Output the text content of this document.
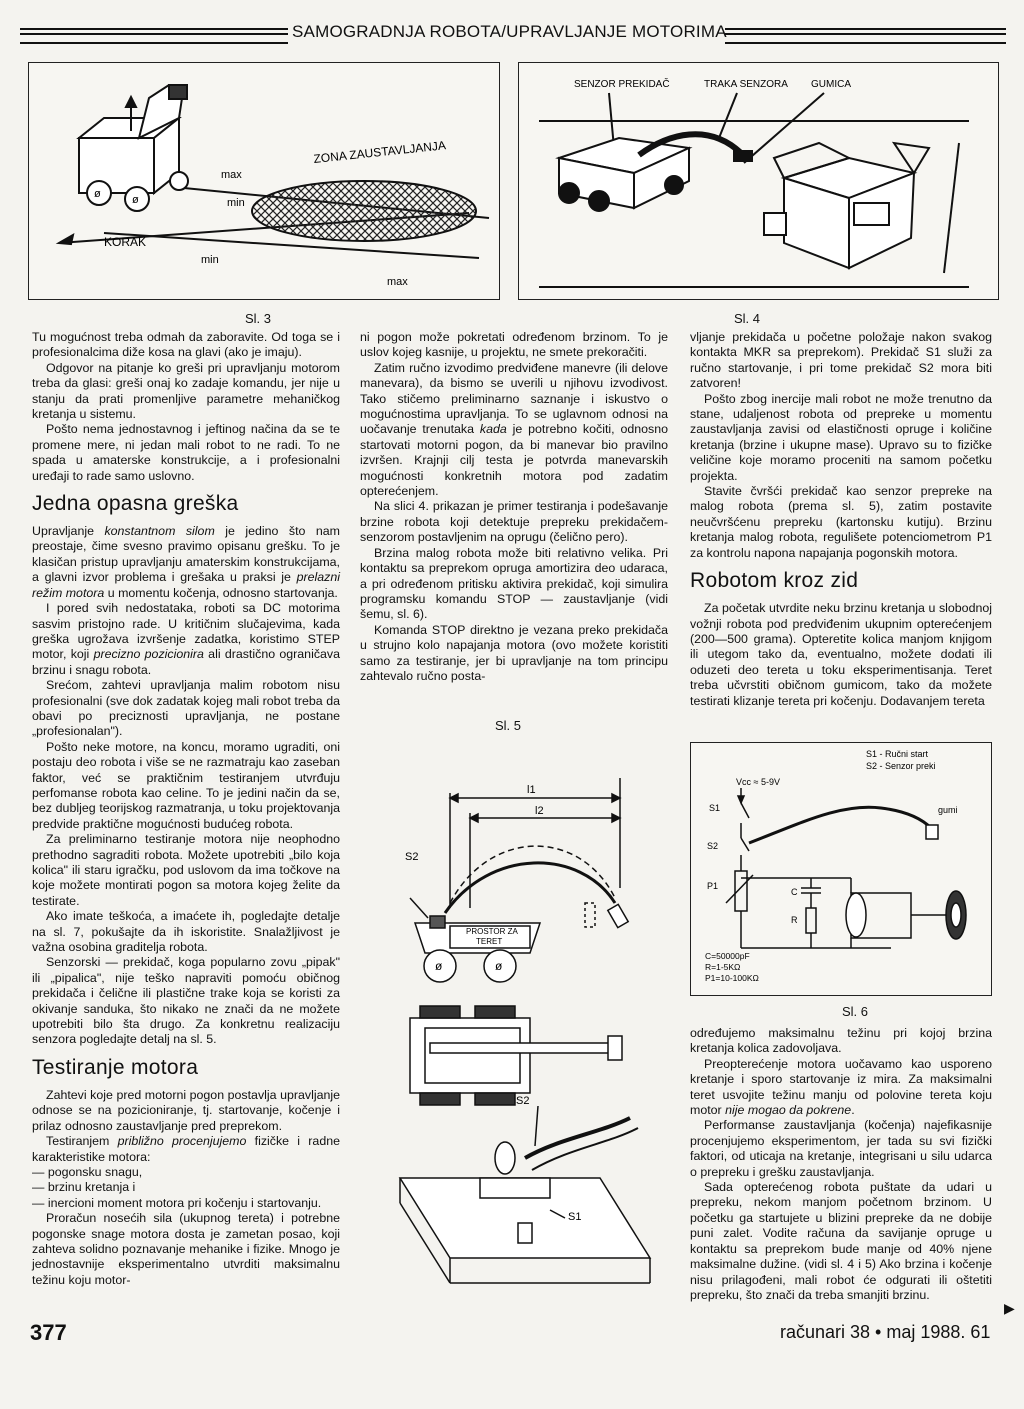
SAMOGRADNJA ROBOTA/UPRAVLJANJE MOTORIMA
ZONA ZAUSTAVLJANJA
max
min
KORAK
min
max
ø	ø
Sl. 3
SENZOR PREKIDAČ	TRAKA SENZORA GUMICA
Sl. 4

Tu mogućnost treba odmah da zaboravite. Od toga se i profesionalcima diže kosa na glavi (ako je imaju).

Odgovor na pitanje ko greši pri upravljanju motorom treba da glasi: greši onaj ko zadaje komandu, jer nije u stanju da prati promenljive parametre mehaničkog kretanja u sistemu.

Pošto nema jednostavnog i jeftinog načina da se te promene mere, ni jedan mali robot to ne radi. To ne spada u amaterske konstrukcije, a i profesionalni uređaji to rade samo uslovno.

Jedna opasna greška

Upravljanje konstantnom silom je jedino što nam preostaje, čime svesno pravimo opisanu grešku. To je klasičan pristup upravljanju amaterskim konstrukcijama, a glavni izvor problema i grešaka u praksi je prelazni režim motora u momentu kočenja, odnosno startovanja.

I pored svih nedostataka, roboti sa DC motorima sasvim pristojno rade. U kritičnim slučajevima, kada greška ugrožava izvršenje zadatka, koristimo STEP motor, koji precizno pozicionira ali drastično ograničava brzinu i snagu robota.

Srećom, zahtevi upravljanja malim robotom nisu profesionalni (sve dok zadatak kojeg mali robot treba da obavi po preciznosti upravljanja, ne postane „profesionalan").

Pošto neke motore, na koncu, moramo ugraditi, oni postaju deo robota i više se ne razmatraju kao zaseban faktor, već se praktičnim testiranjem utvrđuju perfomanse robota kao celine. To je jedini način da se, bez dubljeg teorijskog razmatranja, u toku projektovanja predvide praktične mogućnosti budućeg robota.

Za preliminarno testiranje motora nije neophodno prethodno sagraditi robota. Možete upotrebiti „bilo koja kolica" ili staru igračku, pod uslovom da ima točkove na koje možete montirati pogon sa motora kojeg želite da testirate.

Ako imate teškoća, a imaćete ih, pogledajte detalje na sl. 7, pokušajte da ih iskoristite. Snalažljivost je važna osobina graditelja robota.

Senzorski — prekidač, koga popularno zovu „pipak" ili „pipalica", nije teško napraviti pomoću običnog prekidača i čelične ili plastične trake koja se koristi za okivanje sanduka, što nikako ne znači da ne možete upotrebiti bilo šta drugo. Za konkretnu realizaciju senzora pogledajte detalj na sl. 5.

Testiranje motora

Zahtevi koje pred motorni pogon postavlja upravljanje odnose se na pozicioniranje, tj. startovanje, kočenje i prilaz odnosno zaustavljanje pred preprekom.

Testiranjem približno procenjujemo fizičke i radne karakteristike motora:

— pogonsku snagu,
— brzinu kretanja i
— inercioni moment motora pri kočenju i startovanju.

Proračun nosećih sila (ukupnog tereta) i potrebne pogonske snage motora dosta je zametan posao, koji zahteva solidno poznavanje mehanike i fizike. Mnogo je jednostavnije eksperimentalno utvrditi maksimalnu težinu koju motor-

ni pogon može pokretati određenom brzinom. To je uslov kojeg kasnije, u projektu, ne smete prekoračiti.

Zatim ručno izvodimo predviđene manevre (ili delove manevara), da bismo se uverili u njihovu izvodivost. Tako stičemo preliminarno saznanje i iskustvo o mogućnostima upravljanja. To se uglavnom odnosi na uočavanje trenutaka kada je potrebno kočiti, odnosno startovati motorni pogon, da bi manevar bio pravilno izvršen. Krajnji cilj testa je potvrda manevarskih mogućnosti konkretnih motora pod zadatim opterećenjem.

Na slici 4. prikazan je primer testiranja i podešavanje brzine robota koji detektuje prepreku prekidačem-senzorom postavljenim na oprugu (čelično pero).

Brzina malog robota može biti relativno velika. Pri kontaktu sa preprekom opruga amortizira deo udaraca, a pri određenom pritisku aktivira prekidač, koji simulira programsku komandu STOP — zaustavljanje (vidi šemu, sl. 6).

Komanda STOP direktno je vezana preko prekidača u strujno kolo napajanja motora (ovo možete koristiti samo za testiranje, jer bi upravljanje na tom principu zahtevalo ručno posta-

Sl. 5
l1
l2
S2
PROSTOR ZA
TERET
S2
S1
ø	ø

vljanje prekidača u početne položaje nakon svakog kontakta MKR sa preprekom). Prekidač S1 služi za ručno startovanje, i pri tome prekidač S2 mora biti zatvoren!

Pošto zbog inercije mali robot ne može trenutno da stane, udaljenost robota od prepreke u momentu zaustavljanja zavisi od elastičnosti opruge i količine kretanja (brzine i ukupne mase). Upravo su to fizičke veličine koje moramo proceniti na samom početku projekta.

Stavite čvršći prekidač kao senzor prepreke na malog robota (prema sl. 5), zatim postavite neučvršćenu prepreku (kartonsku kutiju). Brzinu kretanja malog robota, regulišete potenciometrom P1 za kontrolu napona napajanja pogonskih motora.

Robotom kroz zid

Za početak utvrdite neku brzinu kretanja u slobodnoj vožnji robota pod predviđenim ukupnim opterećenjem (200—500 grama). Opteretite kolica manjom knjigom ili utegom tako da, eventualno, možete dodati ili oduzeti deo tereta u toku eksperimentisanja. Teret treba učvrstiti običnom gumicom, tako da možete testirati klizanje tereta pri kočenju. Dodavanjem tereta

S1 - Ručni start
S2 - Senzor preki
Vcc ≈ 5-9V
S1
S2
gumi
P1
C
R
C=50000pF
R=1-5KΩ
P1=10-100KΩ
Sl. 6

određujemo maksimalnu težinu pri kojoj brzina kretanja kolica zadovoljava.

Preopterećenje motora uočavamo kao usporeno kretanje i sporo startovanje iz mira. Za maksimalni teret usvojite težinu manju od polovine tereta koju motor nije mogao da pokrene.

Performanse zaustavljanja (kočenja) najefikasnije procenjujemo eksperimentom, jer tada su svi fizički faktori, od uticaja na kretanje, integrisani u silu udarca o prepreku i grešku zaustavljanja.

Sada opterećenog robota puštate da udari u prepreku, nekom manjom početnom brzinom. U početku ga startujete u blizini prepreke da ne dobije puni zalet. Vodite računa da savijanje opruge u kontaktu sa preprekom bude manje od 40% njene maksimalne dužine. (vidi sl. 4 i 5) Ako brzina i kočenje nisu prilagođeni, mali robot će odgurati ili oštetiti prepreku, što znači da treba smanjiti brzinu.

377	računari 38 • maj 1988. 61
▶
